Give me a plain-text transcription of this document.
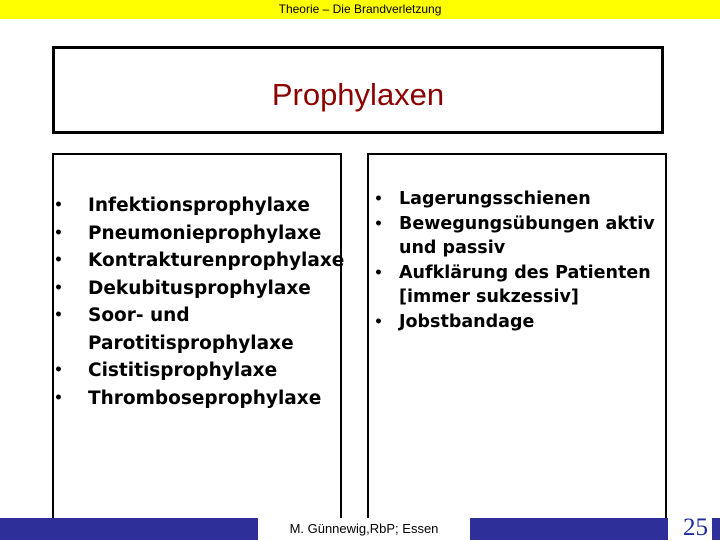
Theorie – Die Brandverletzung
Prophylaxen
• Infektionsprophylaxe
• Pneumonieprophylaxe
• Kontrakturenprophylaxe
• Dekubitusprophylaxe
• Soor- und Parotitisprophylaxe
• Cistitisprophylaxe
• Thromboseprophylaxe
• Lagerungsschienen
• Bewegungsübungen aktiv und passiv
• Aufklärung des Patienten [immer sukzessiv]
• Jobstbandage
M. Günnewig,RbP; Essen	25
